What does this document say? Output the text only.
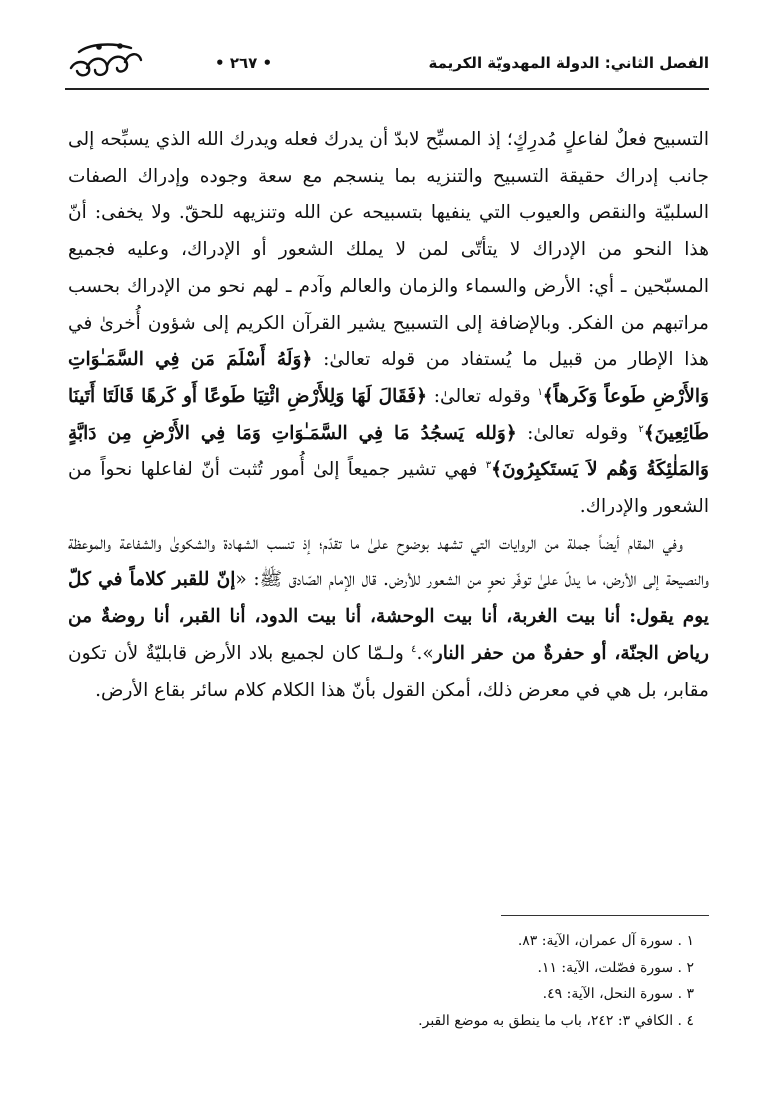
الفصل الثاني: الدولة المهدويّة الكريمة
• ٢٦٧ •

التسبيح فعلٌ لفاعلٍ مُدرِكٍ؛ إذ المسبِّح لابدّ أن يدرك فعله ويدرك الله الذي يسبِّحه إلى جانب إدراك حقيقة التسبيح والتنزيه بما ينسجم مع سعة وجوده وإدراك الصفات السلبيّة والنقص والعيوب التي ينفيها بتسبيحه عن الله وتنزيهه للحقّ. ولا يخفى: أنّ هذا النحو من الإدراك لا يتأتّى لمن لا يملك الشعور أو الإدراك، وعليه فجميع المسبّحين ـ أي: الأرض والسماء والزمان والعالم وآدم ـ لهم نحو من الإدراك بحسب مراتبهم من الفكر. وبالإضافة إلى التسبيح يشير القرآن الكريم إلى شؤون أُخرىٰ في هذا الإطار من قبيل ما يُستفاد من قوله تعالىٰ: ﴿وَلَهُ أَسْلَمَ مَن فِي السَّمَـٰوَاتِ وَالأَرْضِ طَوعاً وَكَرهاً﴾$^١$ وقوله تعالىٰ: ﴿فَقَالَ لَهَا وَلِلأَرْضِ ائْتِيَا طَوعًا أَو كَرهًا قَالَتَا أَتَينَا طَائِعِينَ﴾$^٢$ وقوله تعالىٰ: ﴿وَلله يَسجُدُ مَا فِي السَّمَـٰوَاتِ وَمَا فِي الأَرْضِ مِن دَابَّةٍ وَالمَلٰئِكَةُ وَهُم لاَ يَستَكبِرُونَ﴾$^٣$ فهي تشير جميعاً إلىٰ أُمور تُثبت أنّ لفاعلها نحواً من الشعور والإدراك.

وفي المقام أيضاً جملة من الروايات التي تشهد بوضوح علىٰ ما تقدّم؛ إذ تنسب الشهادة والشكوىٰ والشفاعة والموعظة والنصيحة إلى الأرض، ما يدلّ علىٰ توفّر نحوٍ من الشعور للأرض. قال الإمام الصّادق ﷺ: «إنّ للقبر كلاماً في كلّ يوم يقول: أنا بيت الغربة، أنا بيت الوحشة، أنا بيت الدود، أنا القبر، أنا روضةٌ من رياض الجنّة، أو حفرةٌ من حفر النار».$^٤$ ولـمّا كان لجميع بلاد الأرض قابليّةٌ لأن تكون مقابر، بل هي في معرض ذلك، أمكن القول بأنّ هذا الكلام كلام سائر بقاع الأرض.

١ . سورة آل عمران، الآية: ٨٣.

٢ . سورة فصّلت، الآية: ١١.

٣ . سورة النحل، الآية: ٤٩.

٤ . الكافي ٣: ٢٤٢، باب ما ينطق به موضع القبر.
